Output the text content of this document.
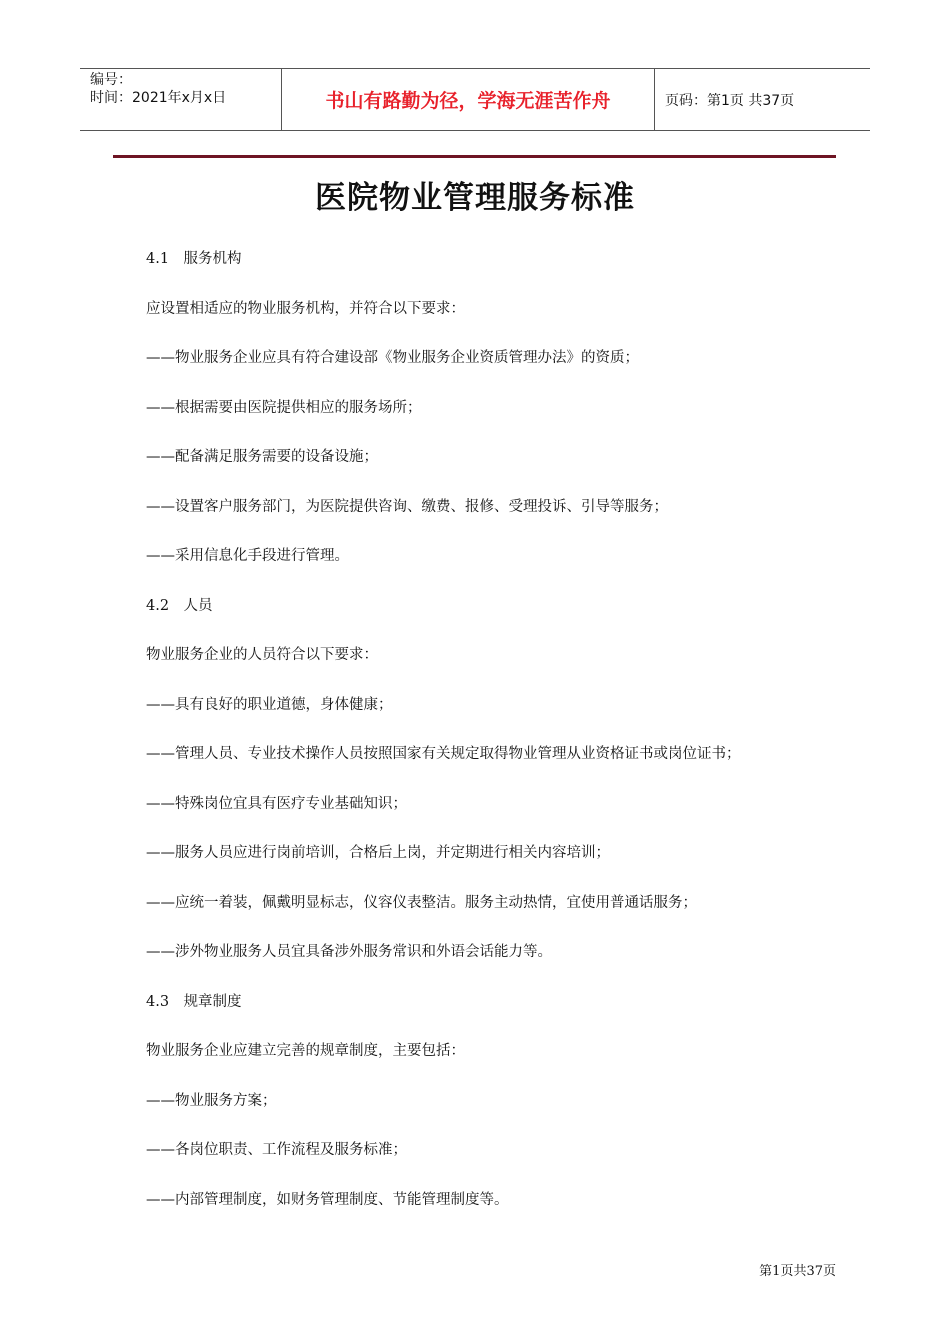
编号：
时间：2021年x月x日	书山有路勤为径，学海无涯苦作舟	页码：第1页 共37页
医院物业管理服务标准
4.1　服务机构
应设置相适应的物业服务机构，并符合以下要求：
——物业服务企业应具有符合建设部《物业服务企业资质管理办法》的资质；
——根据需要由医院提供相应的服务场所；
——配备满足服务需要的设备设施；
——设置客户服务部门，为医院提供咨询、缴费、报修、受理投诉、引导等服务；
——采用信息化手段进行管理。
4.2　人员
物业服务企业的人员符合以下要求：
——具有良好的职业道德，身体健康；
——管理人员、专业技术操作人员按照国家有关规定取得物业管理从业资格证书或岗位证书；
——特殊岗位宜具有医疗专业基础知识；
——服务人员应进行岗前培训，合格后上岗，并定期进行相关内容培训；
——应统一着装，佩戴明显标志，仪容仪表整洁。服务主动热情，宜使用普通话服务；
——涉外物业服务人员宜具备涉外服务常识和外语会话能力等。
4.3　规章制度
物业服务企业应建立完善的规章制度，主要包括：
——物业服务方案；
——各岗位职责、工作流程及服务标准；
——内部管理制度，如财务管理制度、节能管理制度等。
第1页共37页
